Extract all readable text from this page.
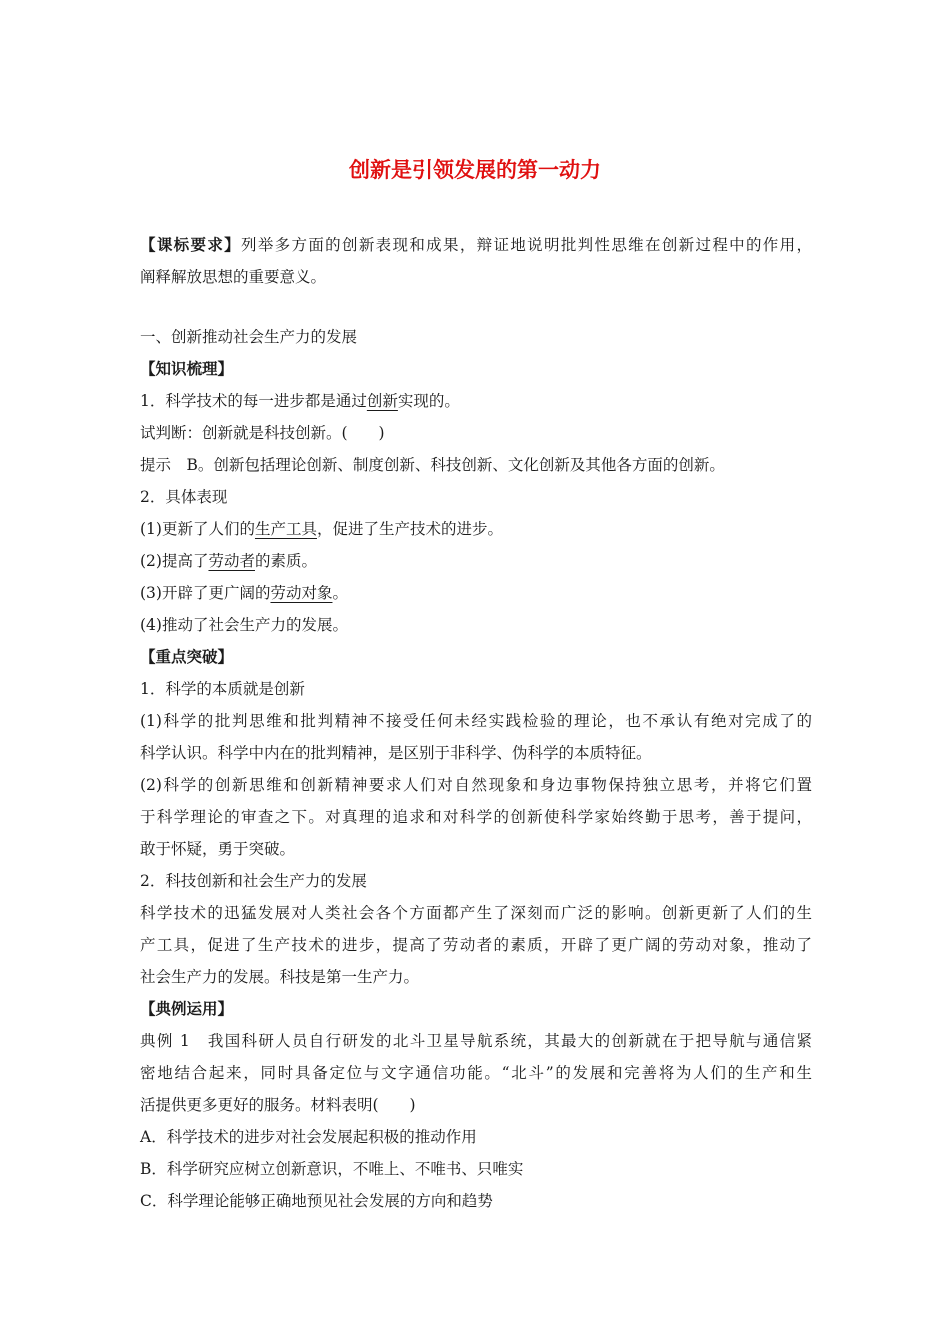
创新是引领发展的第一动力
【课标要求】列举多方面的创新表现和成果，辩证地说明批判性思维在创新过程中的作用，
阐释解放思想的重要意义。
一、创新推动社会生产力的发展
【知识梳理】
1．科学技术的每一进步都是通过创新实现的。
试判断：创新就是科技创新。(　　)
提示　B。创新包括理论创新、制度创新、科技创新、文化创新及其他各方面的创新。
2．具体表现
(1)更新了人们的生产工具，促进了生产技术的进步。
(2)提高了劳动者的素质。
(3)开辟了更广阔的劳动对象。
(4)推动了社会生产力的发展。
【重点突破】
1．科学的本质就是创新
(1)科学的批判思维和批判精神不接受任何未经实践检验的理论，也不承认有绝对完成了的
科学认识。科学中内在的批判精神，是区别于非科学、伪科学的本质特征。
(2)科学的创新思维和创新精神要求人们对自然现象和身边事物保持独立思考，并将它们置
于科学理论的审查之下。对真理的追求和对科学的创新使科学家始终勤于思考，善于提问，
敢于怀疑，勇于突破。
2．科技创新和社会生产力的发展
科学技术的迅猛发展对人类社会各个方面都产生了深刻而广泛的影响。创新更新了人们的生
产工具，促进了生产技术的进步，提高了劳动者的素质，开辟了更广阔的劳动对象，推动了
社会生产力的发展。科技是第一生产力。
【典例运用】
典例 1　我国科研人员自行研发的北斗卫星导航系统，其最大的创新就在于把导航与通信紧
密地结合起来，同时具备定位与文字通信功能。“北斗”的发展和完善将为人们的生产和生
活提供更多更好的服务。材料表明(　　)
A．科学技术的进步对社会发展起积极的推动作用
B．科学研究应树立创新意识，不唯上、不唯书、只唯实
C．科学理论能够正确地预见社会发展的方向和趋势
